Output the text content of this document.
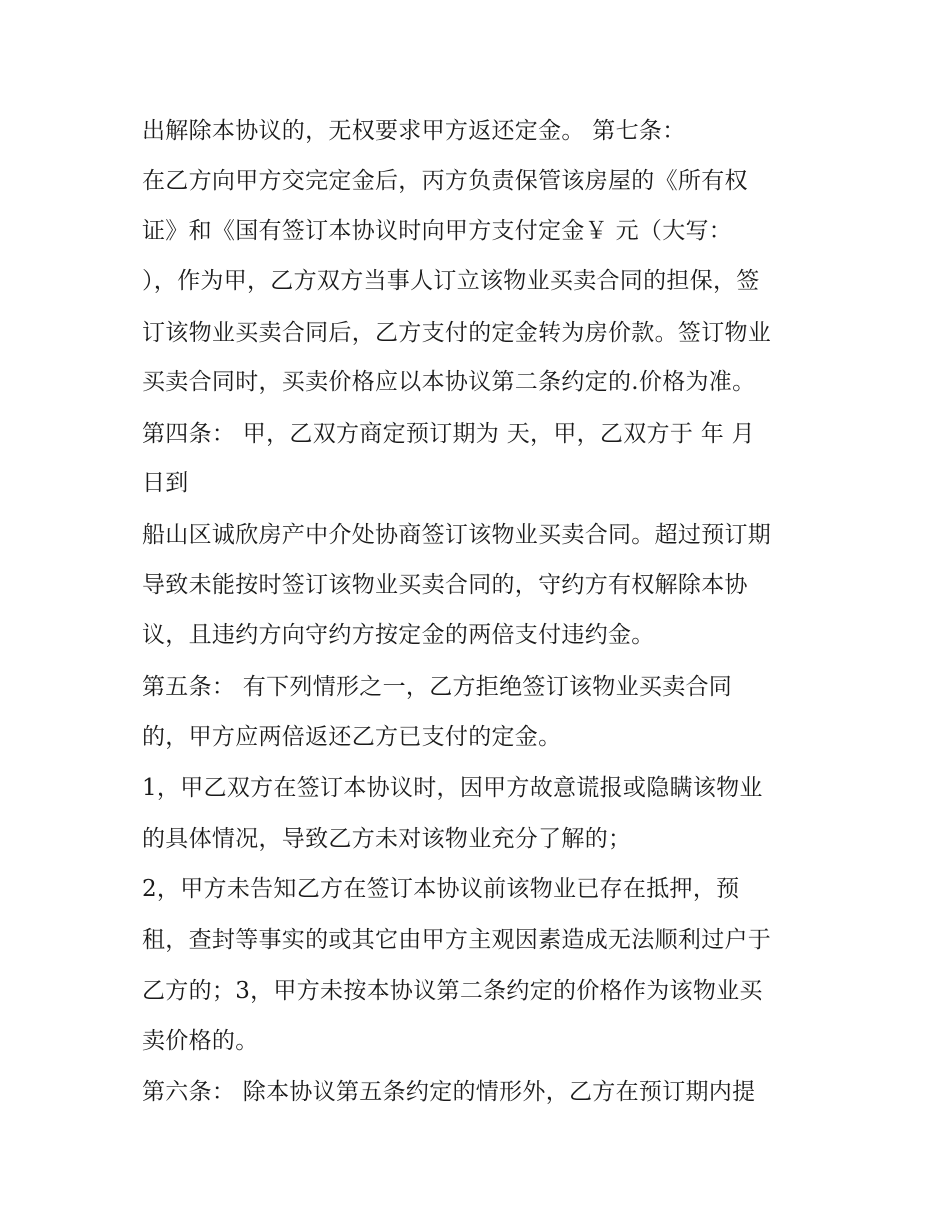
出解除本协议的，无权要求甲方返还定金。 第七条：
在乙方向甲方交完定金后，丙方负责保管该房屋的《所有权
证》和《国有签订本协议时向甲方支付定金￥ 元（大写：
），作为甲，乙方双方当事人订立该物业买卖合同的担保，签
订该物业买卖合同后，乙方支付的定金转为房价款。签订物业
买卖合同时，买卖价格应以本协议第二条约定的.价格为准。
第四条： 甲，乙双方商定预订期为 天，甲，乙双方于 年 月
日到
船山区诚欣房产中介处协商签订该物业买卖合同。超过预订期
导致未能按时签订该物业买卖合同的，守约方有权解除本协
议，且违约方向守约方按定金的两倍支付违约金。
第五条： 有下列情形之一，乙方拒绝签订该物业买卖合同
的，甲方应两倍返还乙方已支付的定金。
1，甲乙双方在签订本协议时，因甲方故意谎报或隐瞒该物业
的具体情况，导致乙方未对该物业充分了解的；
2，甲方未告知乙方在签订本协议前该物业已存在抵押，预
租，查封等事实的或其它由甲方主观因素造成无法顺利过户于
乙方的；3，甲方未按本协议第二条约定的价格作为该物业买
卖价格的。
第六条： 除本协议第五条约定的情形外，乙方在预订期内提
